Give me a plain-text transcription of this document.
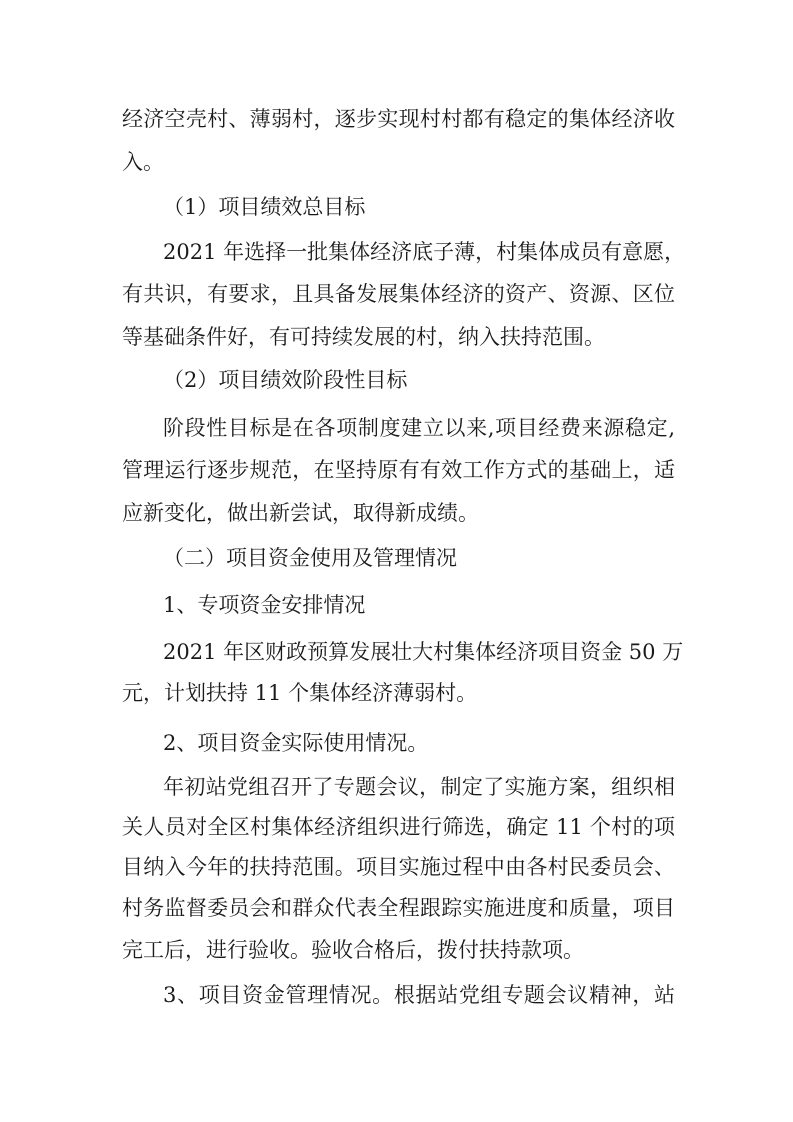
经济空壳村、薄弱村，逐步实现村村都有稳定的集体经济收
入。
（1）项目绩效总目标
2021 年选择一批集体经济底子薄，村集体成员有意愿，
有共识，有要求，且具备发展集体经济的资产、资源、区位
等基础条件好，有可持续发展的村，纳入扶持范围。
（2）项目绩效阶段性目标
阶段性目标是在各项制度建立以来,项目经费来源稳定,
管理运行逐步规范，在坚持原有有效工作方式的基础上，适
应新变化，做出新尝试，取得新成绩。
（二）项目资金使用及管理情况
1、专项资金安排情况
2021 年区财政预算发展壮大村集体经济项目资金 50 万
元，计划扶持 11 个集体经济薄弱村。
2、项目资金实际使用情况。
年初站党组召开了专题会议，制定了实施方案，组织相
关人员对全区村集体经济组织进行筛选，确定 11 个村的项
目纳入今年的扶持范围。项目实施过程中由各村民委员会、
村务监督委员会和群众代表全程跟踪实施进度和质量，项目
完工后，进行验收。验收合格后，拨付扶持款项。
3、项目资金管理情况。根据站党组专题会议精神，站
